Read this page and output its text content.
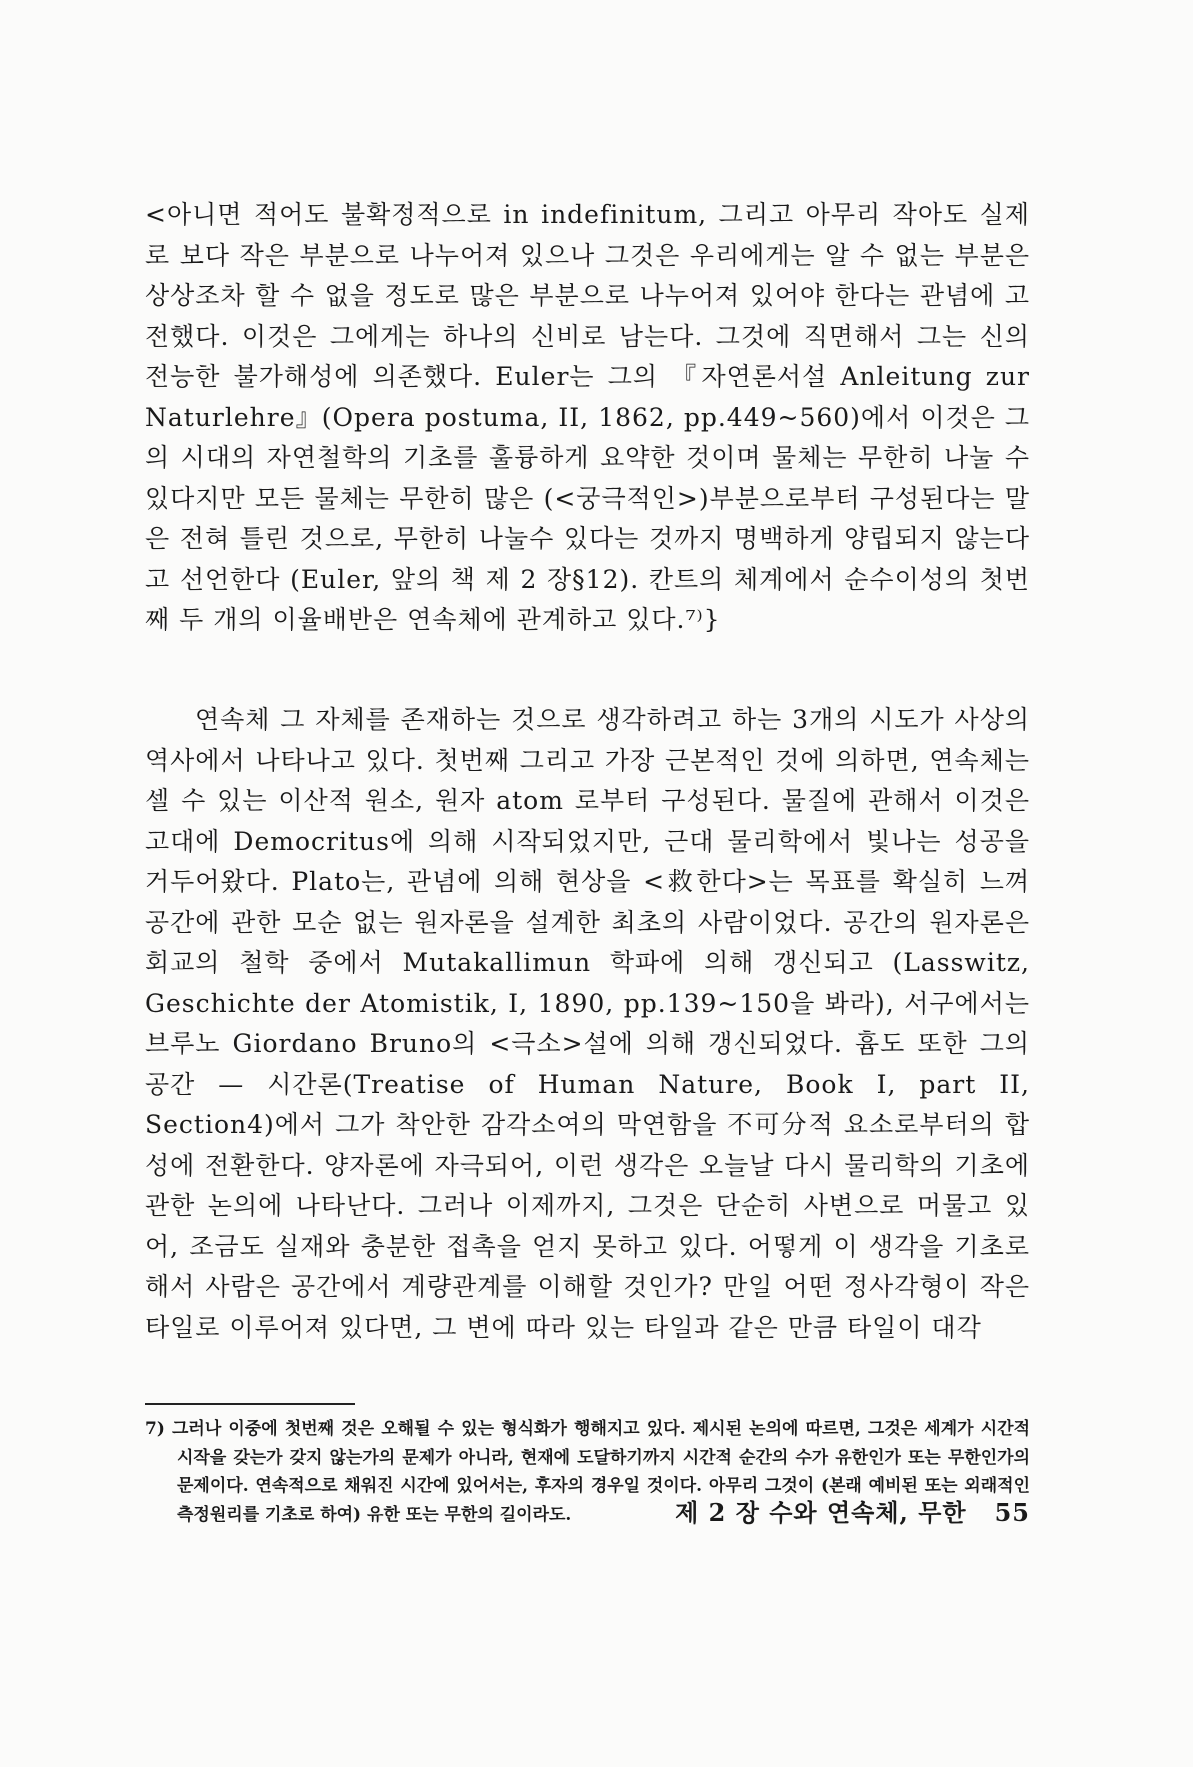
<아니면 적어도 불확정적으로 in indefinitum, 그리고 아무리 작아도 실제로 보다 작은 부분으로 나누어져 있으나 그것은 우리에게는 알 수 없는 부분은 상상조차 할 수 없을 정도로 많은 부분으로 나누어져 있어야 한다는 관념에 고전했다. 이것은 그에게는 하나의 신비로 남는다. 그것에 직면해서 그는 신의 전능한 불가해성에 의존했다. Euler는 그의 『자연론서설 Anleitung zur Naturlehre』(Opera postuma, II, 1862, pp.449~560)에서 이것은 그의 시대의 자연철학의 기초를 훌륭하게 요약한 것이며 물체는 무한히 나눌 수 있다지만 모든 물체는 무한히 많은 (<궁극적인>)부분으로부터 구성된다는 말은 전혀 틀린 것으로, 무한히 나눌수 있다는 것까지 명백하게 양립되지 않는다고 선언한다 (Euler, 앞의 책 제 2 장§12). 칸트의 체계에서 순수이성의 첫번째 두 개의 이율배반은 연속체에 관계하고 있다.⁷⁾}

연속체 그 자체를 존재하는 것으로 생각하려고 하는 3개의 시도가 사상의 역사에서 나타나고 있다. 첫번째 그리고 가장 근본적인 것에 의하면, 연속체는 셀 수 있는 이산적 원소, 원자 atom 로부터 구성된다. 물질에 관해서 이것은 고대에 Democritus에 의해 시작되었지만, 근대 물리학에서 빛나는 성공을 거두어왔다. Plato는, 관념에 의해 현상을 <救한다>는 목표를 확실히 느껴 공간에 관한 모순 없는 원자론을 설계한 최초의 사람이었다. 공간의 원자론은 회교의 철학 중에서 Mutakallimun 학파에 의해 갱신되고 (Lasswitz, Geschichte der Atomistik, I, 1890, pp.139~150을 봐라), 서구에서는 브루노 Giordano Bruno의 <극소>설에 의해 갱신되었다. 흄도 또한 그의 공간 — 시간론(Treatise of Human Nature, Book I, part II, Section4)에서 그가 착안한 감각소여의 막연함을 不可分적 요소로부터의 합성에 전환한다. 양자론에 자극되어, 이런 생각은 오늘날 다시 물리학의 기초에 관한 논의에 나타난다. 그러나 이제까지, 그것은 단순히 사변으로 머물고 있어, 조금도 실재와 충분한 접촉을 얻지 못하고 있다. 어떻게 이 생각을 기초로해서 사람은 공간에서 계량관계를 이해할 것인가? 만일 어떤 정사각형이 작은 타일로 이루어져 있다면, 그 변에 따라 있는 타일과 같은 만큼 타일이 대각

7) 그러나 이중에 첫번째 것은 오해될 수 있는 형식화가 행해지고 있다. 제시된 논의에 따르면, 그것은 세계가 시간적 시작을 갖는가 갖지 않는가의 문제가 아니라, 현재에 도달하기까지 시간적 순간의 수가 유한인가 또는 무한인가의 문제이다. 연속적으로 채워진 시간에 있어서는, 후자의 경우일 것이다. 아무리 그것이 (본래 예비된 또는 외래적인 측정원리를 기초로 하여) 유한 또는 무한의 길이라도.	제 2 장 수와 연속체, 무한 55
